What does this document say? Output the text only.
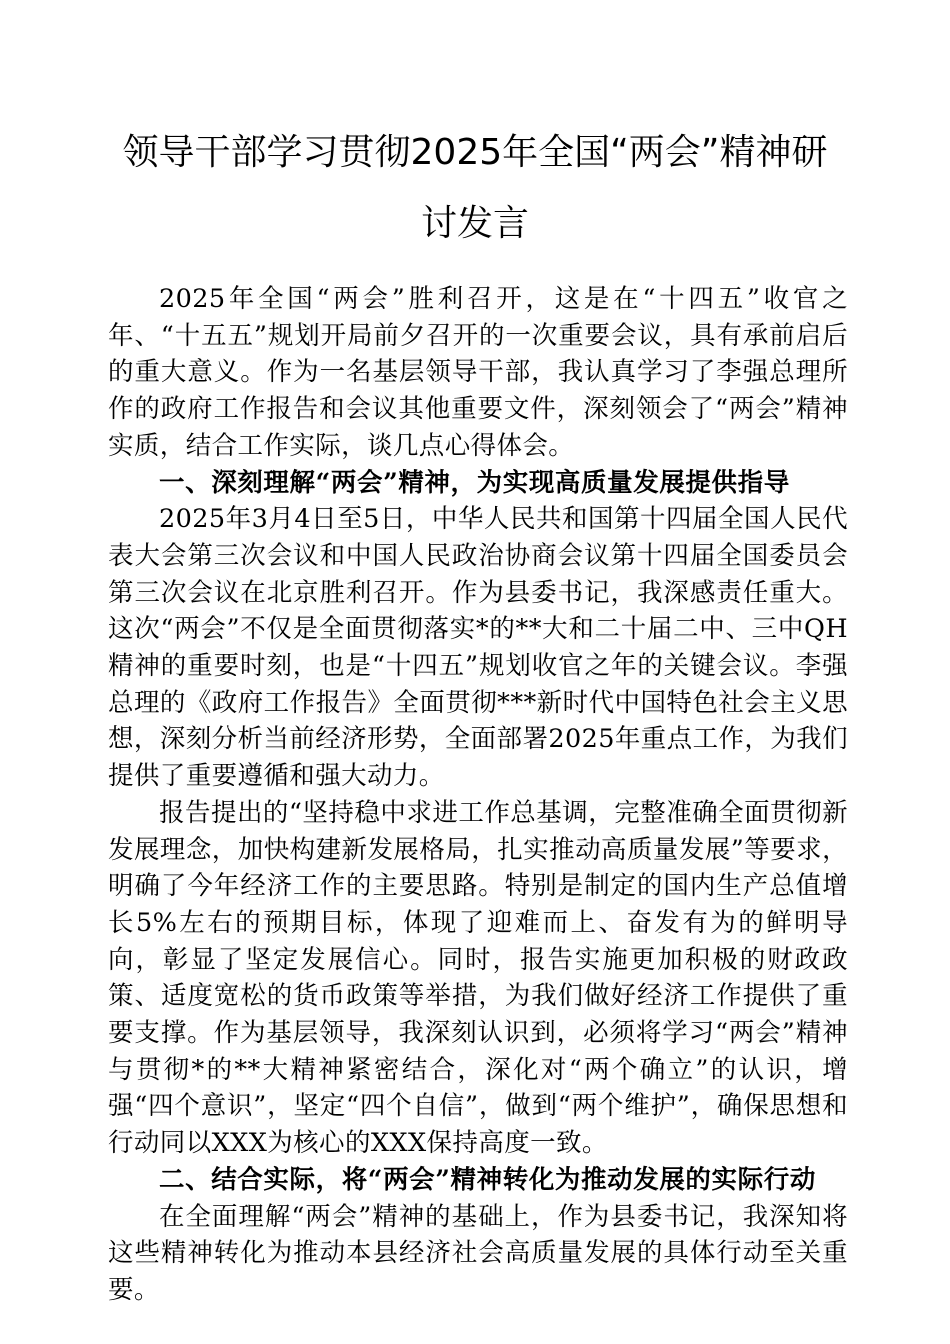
领导干部学习贯彻2025年全国“两会”精神研
讨发言

2025年全国“两会”胜利召开，这是在“十四五”收官之年、“十五五”规划开局前夕召开的一次重要会议，具有承前启后的重大意义。作为一名基层领导干部，我认真学习了李强总理所作的政府工作报告和会议其他重要文件，深刻领会了“两会”精神实质，结合工作实际，谈几点心得体会。

一、深刻理解“两会”精神，为实现高质量发展提供指导

2025年3月4日至5日，中华人民共和国第十四届全国人民代表大会第三次会议和中国人民政治协商会议第十四届全国委员会第三次会议在北京胜利召开。作为县委书记，我深感责任重大。这次“两会”不仅是全面贯彻落实*的**大和二十届二中、三中QH精神的重要时刻，也是“十四五”规划收官之年的关键会议。李强总理的《政府工作报告》全面贯彻***新时代中国特色社会主义思想，深刻分析当前经济形势，全面部署2025年重点工作，为我们提供了重要遵循和强大动力。

报告提出的“坚持稳中求进工作总基调，完整准确全面贯彻新发展理念，加快构建新发展格局，扎实推动高质量发展”等要求，明确了今年经济工作的主要思路。特别是制定的国内生产总值增长5%左右的预期目标，体现了迎难而上、奋发有为的鲜明导向，彰显了坚定发展信心。同时，报告实施更加积极的财政政策、适度宽松的货币政策等举措，为我们做好经济工作提供了重要支撑。作为基层领导，我深刻认识到，必须将学习“两会”精神与贯彻*的**大精神紧密结合，深化对“两个确立”的认识，增强“四个意识”，坚定“四个自信”，做到“两个维护”，确保思想和行动同以XXX为核心的XXX保持高度一致。

二、结合实际，将“两会”精神转化为推动发展的实际行动

在全面理解“两会”精神的基础上，作为县委书记，我深知将这些精神转化为推动本县经济社会高质量发展的具体行动至关重要。
